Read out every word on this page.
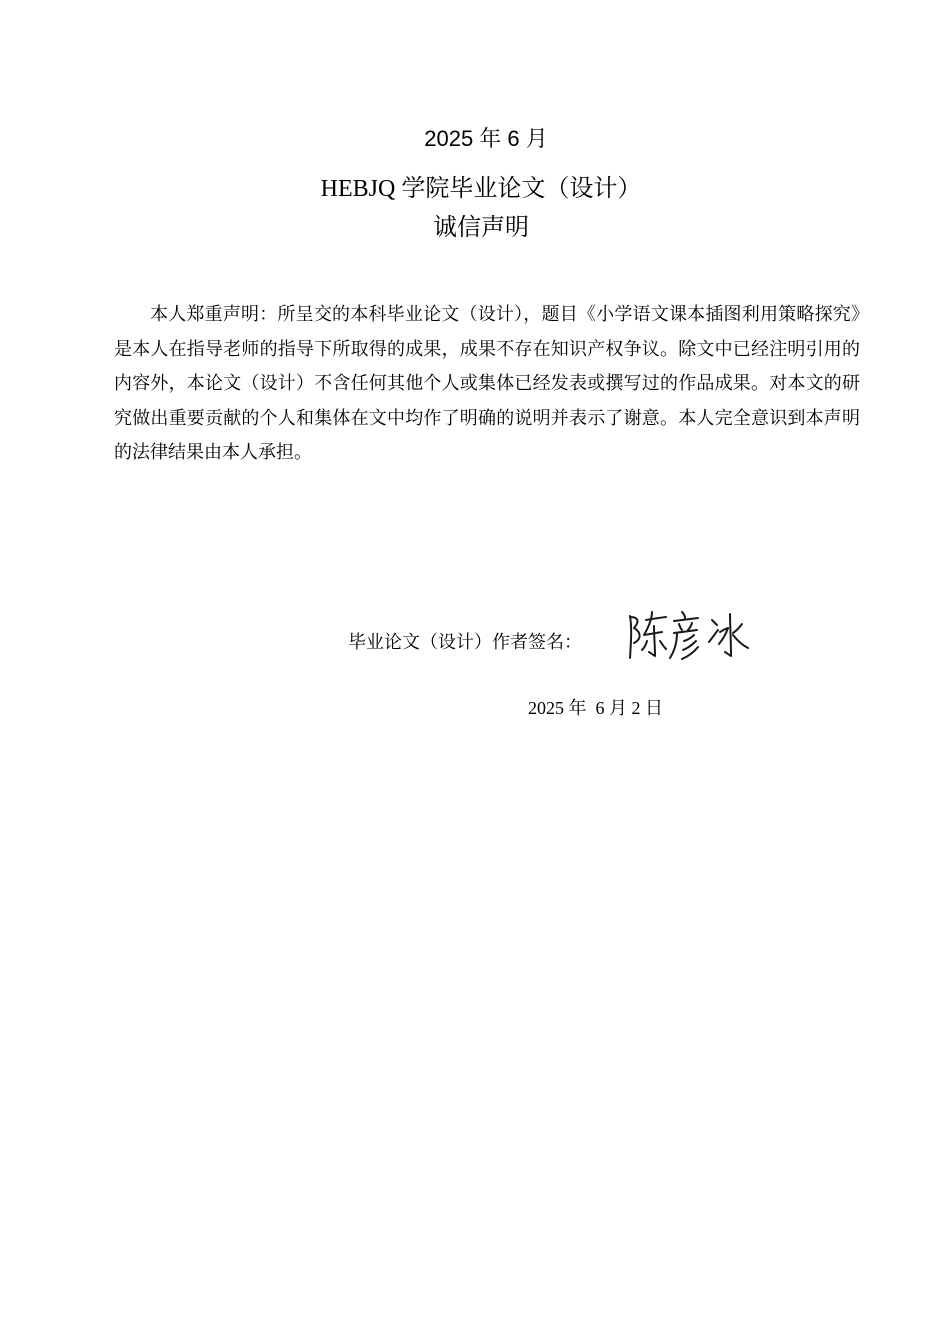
2025 年 6 月
HEBJQ 学院毕业论文（设计）
诚信声明

本人郑重声明：所呈交的本科毕业论文（设计），题目《小学语文课本插图利用策略探究》是本人在指导老师的指导下所取得的成果，成果不存在知识产权争议。除文中已经注明引用的内容外，本论文（设计）不含任何其他个人或集体已经发表或撰写过的作品成果。对本文的研究做出重要贡献的个人和集体在文中均作了明确的说明并表示了谢意。本人完全意识到本声明的法律结果由本人承担。

毕业论文（设计）作者签名：
2025 年  6 月 2 日
